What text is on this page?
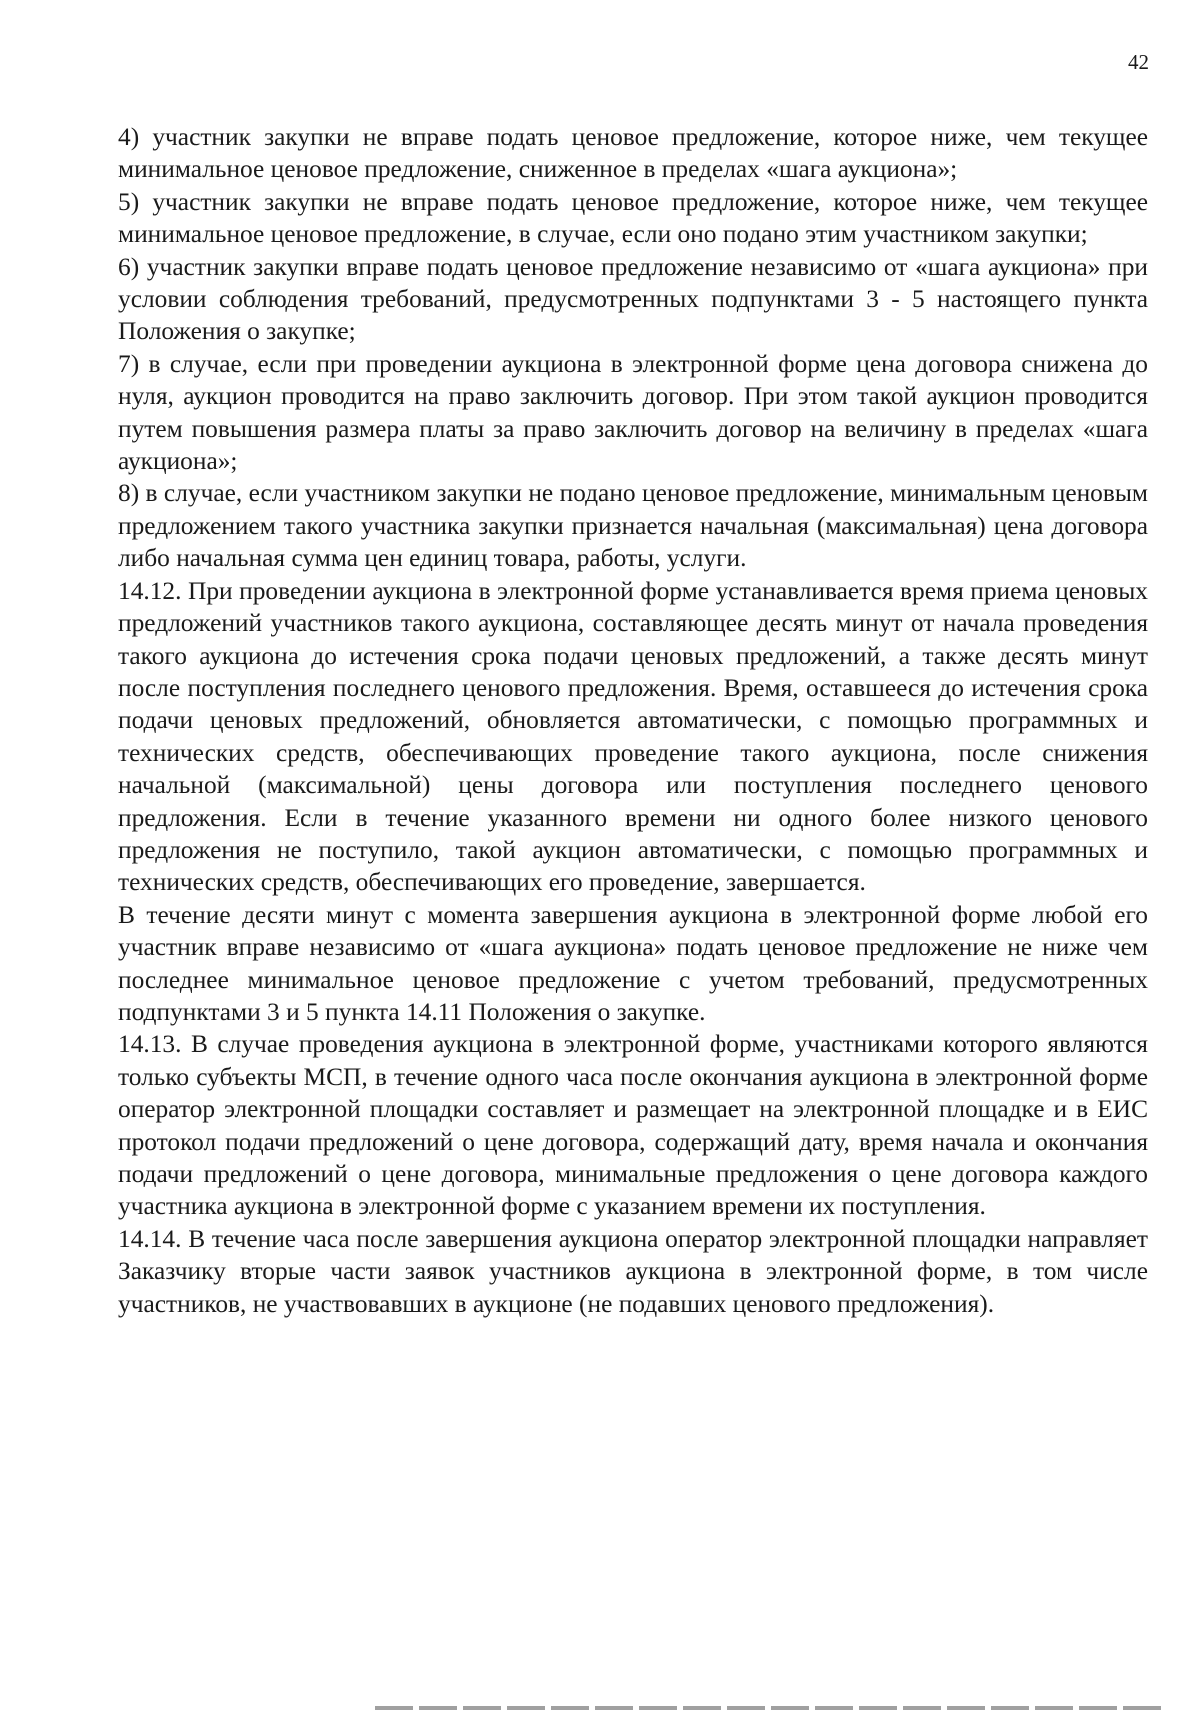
42

4) участник закупки не вправе подать ценовое предложение, которое ниже, чем текущее минимальное ценовое предложение, сниженное в пределах «шага аукциона»;

5) участник закупки не вправе подать ценовое предложение, которое ниже, чем текущее минимальное ценовое предложение, в случае, если оно подано этим участником закупки;

6) участник закупки вправе подать ценовое предложение независимо от «шага аукциона» при условии соблюдения требований, предусмотренных подпунктами 3 - 5 настоящего пункта Положения о закупке;

7) в случае, если при проведении аукциона в электронной форме цена договора снижена до нуля, аукцион проводится на право заключить договор. При этом такой аукцион проводится путем повышения размера платы за право заключить договор на величину в пределах «шага аукциона»;

8) в случае, если участником закупки не подано ценовое предложение, минимальным ценовым предложением такого участника закупки признается начальная (максимальная) цена договора либо начальная сумма цен единиц товара, работы, услуги.

14.12. При проведении аукциона в электронной форме устанавливается время приема ценовых предложений участников такого аукциона, составляющее десять минут от начала проведения такого аукциона до истечения срока подачи ценовых предложений, а также десять минут после поступления последнего ценового предложения. Время, оставшееся до истечения срока подачи ценовых предложений, обновляется автоматически, с помощью программных и технических средств, обеспечивающих проведение такого аукциона, после снижения начальной (максимальной) цены договора или поступления последнего ценового предложения. Если в течение указанного времени ни одного более низкого ценового предложения не поступило, такой аукцион автоматически, с помощью программных и технических средств, обеспечивающих его проведение, завершается.

В течение десяти минут с момента завершения аукциона в электронной форме любой его участник вправе независимо от «шага аукциона» подать ценовое предложение не ниже чем последнее минимальное ценовое предложение с учетом требований, предусмотренных подпунктами 3 и 5 пункта 14.11 Положения о закупке.

14.13. В случае проведения аукциона в электронной форме, участниками которого являются только субъекты МСП, в течение одного часа после окончания аукциона в электронной форме оператор электронной площадки составляет и размещает на электронной площадке и в ЕИС протокол подачи предложений о цене договора, содержащий дату, время начала и окончания подачи предложений о цене договора, минимальные предложения о цене договора каждого участника аукциона в электронной форме с указанием времени их поступления.

14.14. В течение часа после завершения аукциона оператор электронной площадки направляет Заказчику вторые части заявок участников аукциона в электронной форме, в том числе участников, не участвовавших в аукционе (не подавших ценового предложения).
